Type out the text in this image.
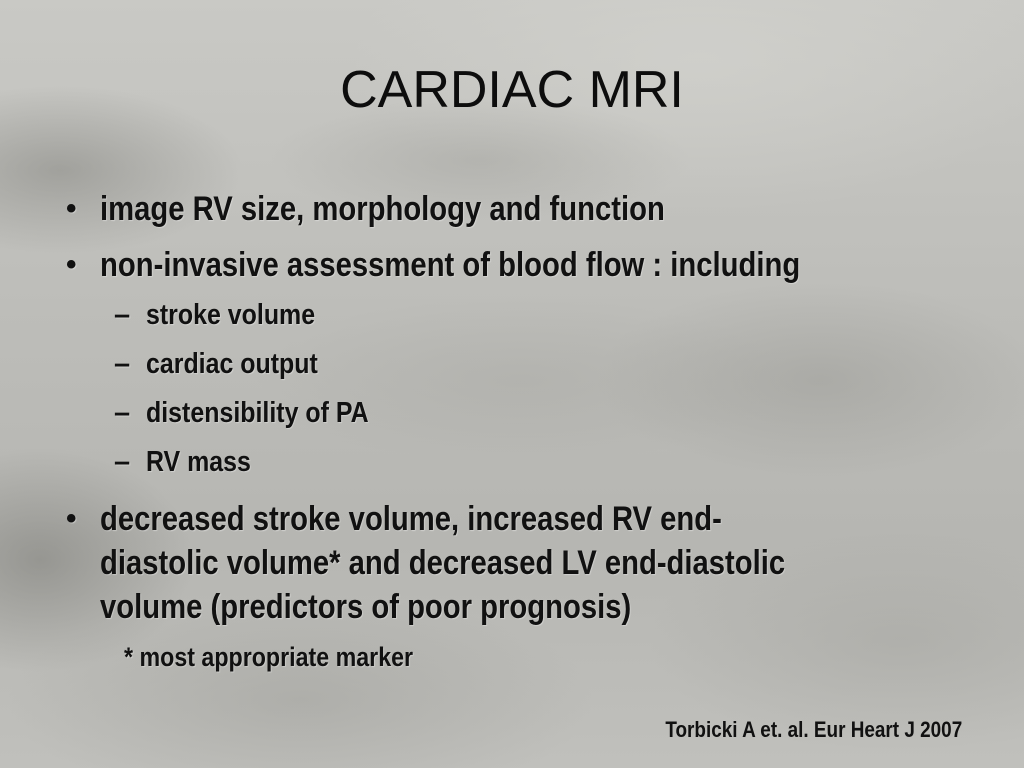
CARDIAC MRI
• image RV size, morphology and function
• non-invasive assessment of blood flow : including
– stroke volume
– cardiac output
– distensibility of PA
– RV mass
• decreased stroke volume, increased RV end-
diastolic volume* and decreased LV end-diastolic
volume (predictors of poor prognosis)
* most appropriate marker
Torbicki A et. al. Eur Heart J 2007
